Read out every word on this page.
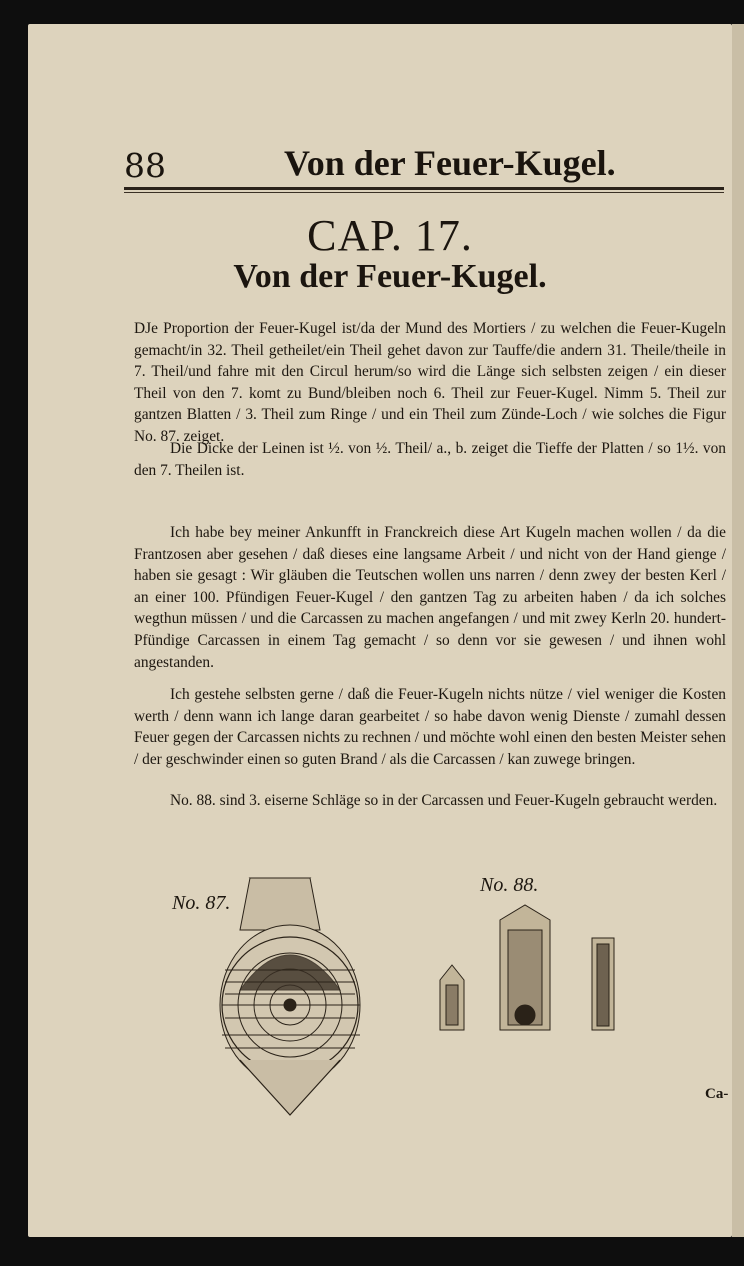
88	Von der Feuer-Kugel.
CAP. 17.
Von der Feuer-Kugel.
DJe Proportion der Feuer-Kugel ist/da der Mund des Mortiers / zu welchen die Feuer-Kugeln gemacht/in 32. Theil getheilet/ein Theil gehet davon zur Tauffe/die andern 31. Theile/theile in 7. Theil/und fahre mit den Circul herum/so wird die Länge sich selbsten zeigen / ein dieser Theil von den 7. komt zu Bund/bleiben noch 6. Theil zur Feuer-Kugel. Nimm 5. Theil zur gantzen Blatten / 3. Theil zum Ringe / und ein Theil zum Zünde-Loch / wie solches die Figur No. 87. zeiget.
Die Dicke der Leinen ist ½. von ½. Theil/ a., b. zeiget die Tieffe der Platten / so 1½. von den 7. Theilen ist.
Ich habe bey meiner Ankunfft in Franckreich diese Art Kugeln machen wollen / da die Frantzosen aber gesehen / daß dieses eine langsame Arbeit / und nicht von der Hand gienge / haben sie gesagt : Wir gläuben die Teutschen wollen uns narren / denn zwey der besten Kerl / an einer 100. Pfündigen Feuer-Kugel / den gantzen Tag zu arbeiten haben / da ich solches wegthun müssen / und die Carcassen zu machen angefangen / und mit zwey Kerln 20. hundert-Pfündige Carcassen in einem Tag gemacht / so denn vor sie gewesen / und ihnen wohl angestanden.
Ich gestehe selbsten gerne / daß die Feuer-Kugeln nichts nütze / viel weniger die Kosten werth / denn wann ich lange daran gearbeitet / so habe davon wenig Dienste / zumahl dessen Feuer gegen der Carcassen nichts zu rechnen / und möchte wohl einen den besten Meister sehen / der geschwinder einen so guten Brand / als die Carcassen / kan zuwege bringen.
No. 88. sind 3. eiserne Schläge so in der Carcassen und Feuer-Kugeln gebraucht werden.
No. 87.
No. 88.
Ca-
